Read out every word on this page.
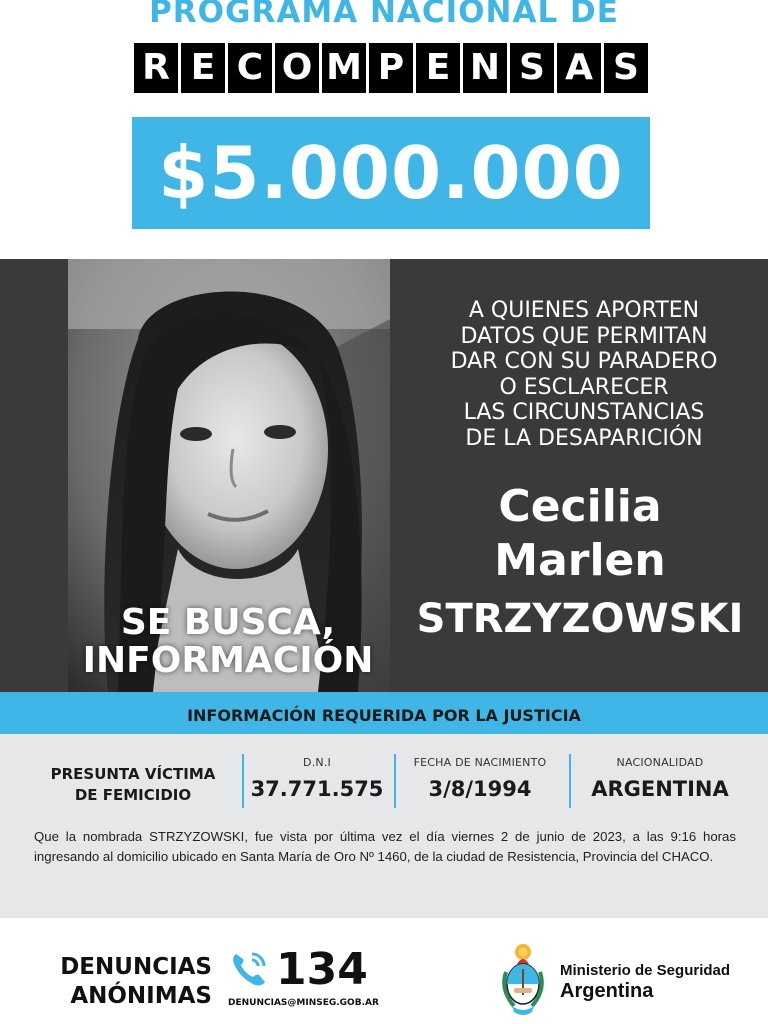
PROGRAMA NACIONAL DE
R E C O M P E N S A S
$5.000.000
SE BUSCA,
INFORMACIÓN
A QUIENES APORTEN
DATOS QUE PERMITAN
DAR CON SU PARADERO
O ESCLARECER
LAS CIRCUNSTANCIAS
DE LA DESAPARICIÓN
Cecilia
Marlen
STRZYZOWSKI
INFORMACIÓN REQUERIDA POR LA JUSTICIA
PRESUNTA VÍCTIMA
DE FEMICIDIO
D.N.I
37.771.575
FECHA DE NACIMIENTO
3/8/1994
NACIONALIDAD
ARGENTINA
Que la nombrada STRZYZOWSKI, fue vista por última vez el día viernes 2 de junio de 2023, a las 9:16 horas ingresando al domicilio ubicado en Santa María de Oro Nº 1460, de la ciudad de Resistencia, Provincia del CHACO.
DENUNCIAS
ANÓNIMAS
134
DENUNCIAS@MINSEG.GOB.AR
Ministerio de Seguridad
Argentina
